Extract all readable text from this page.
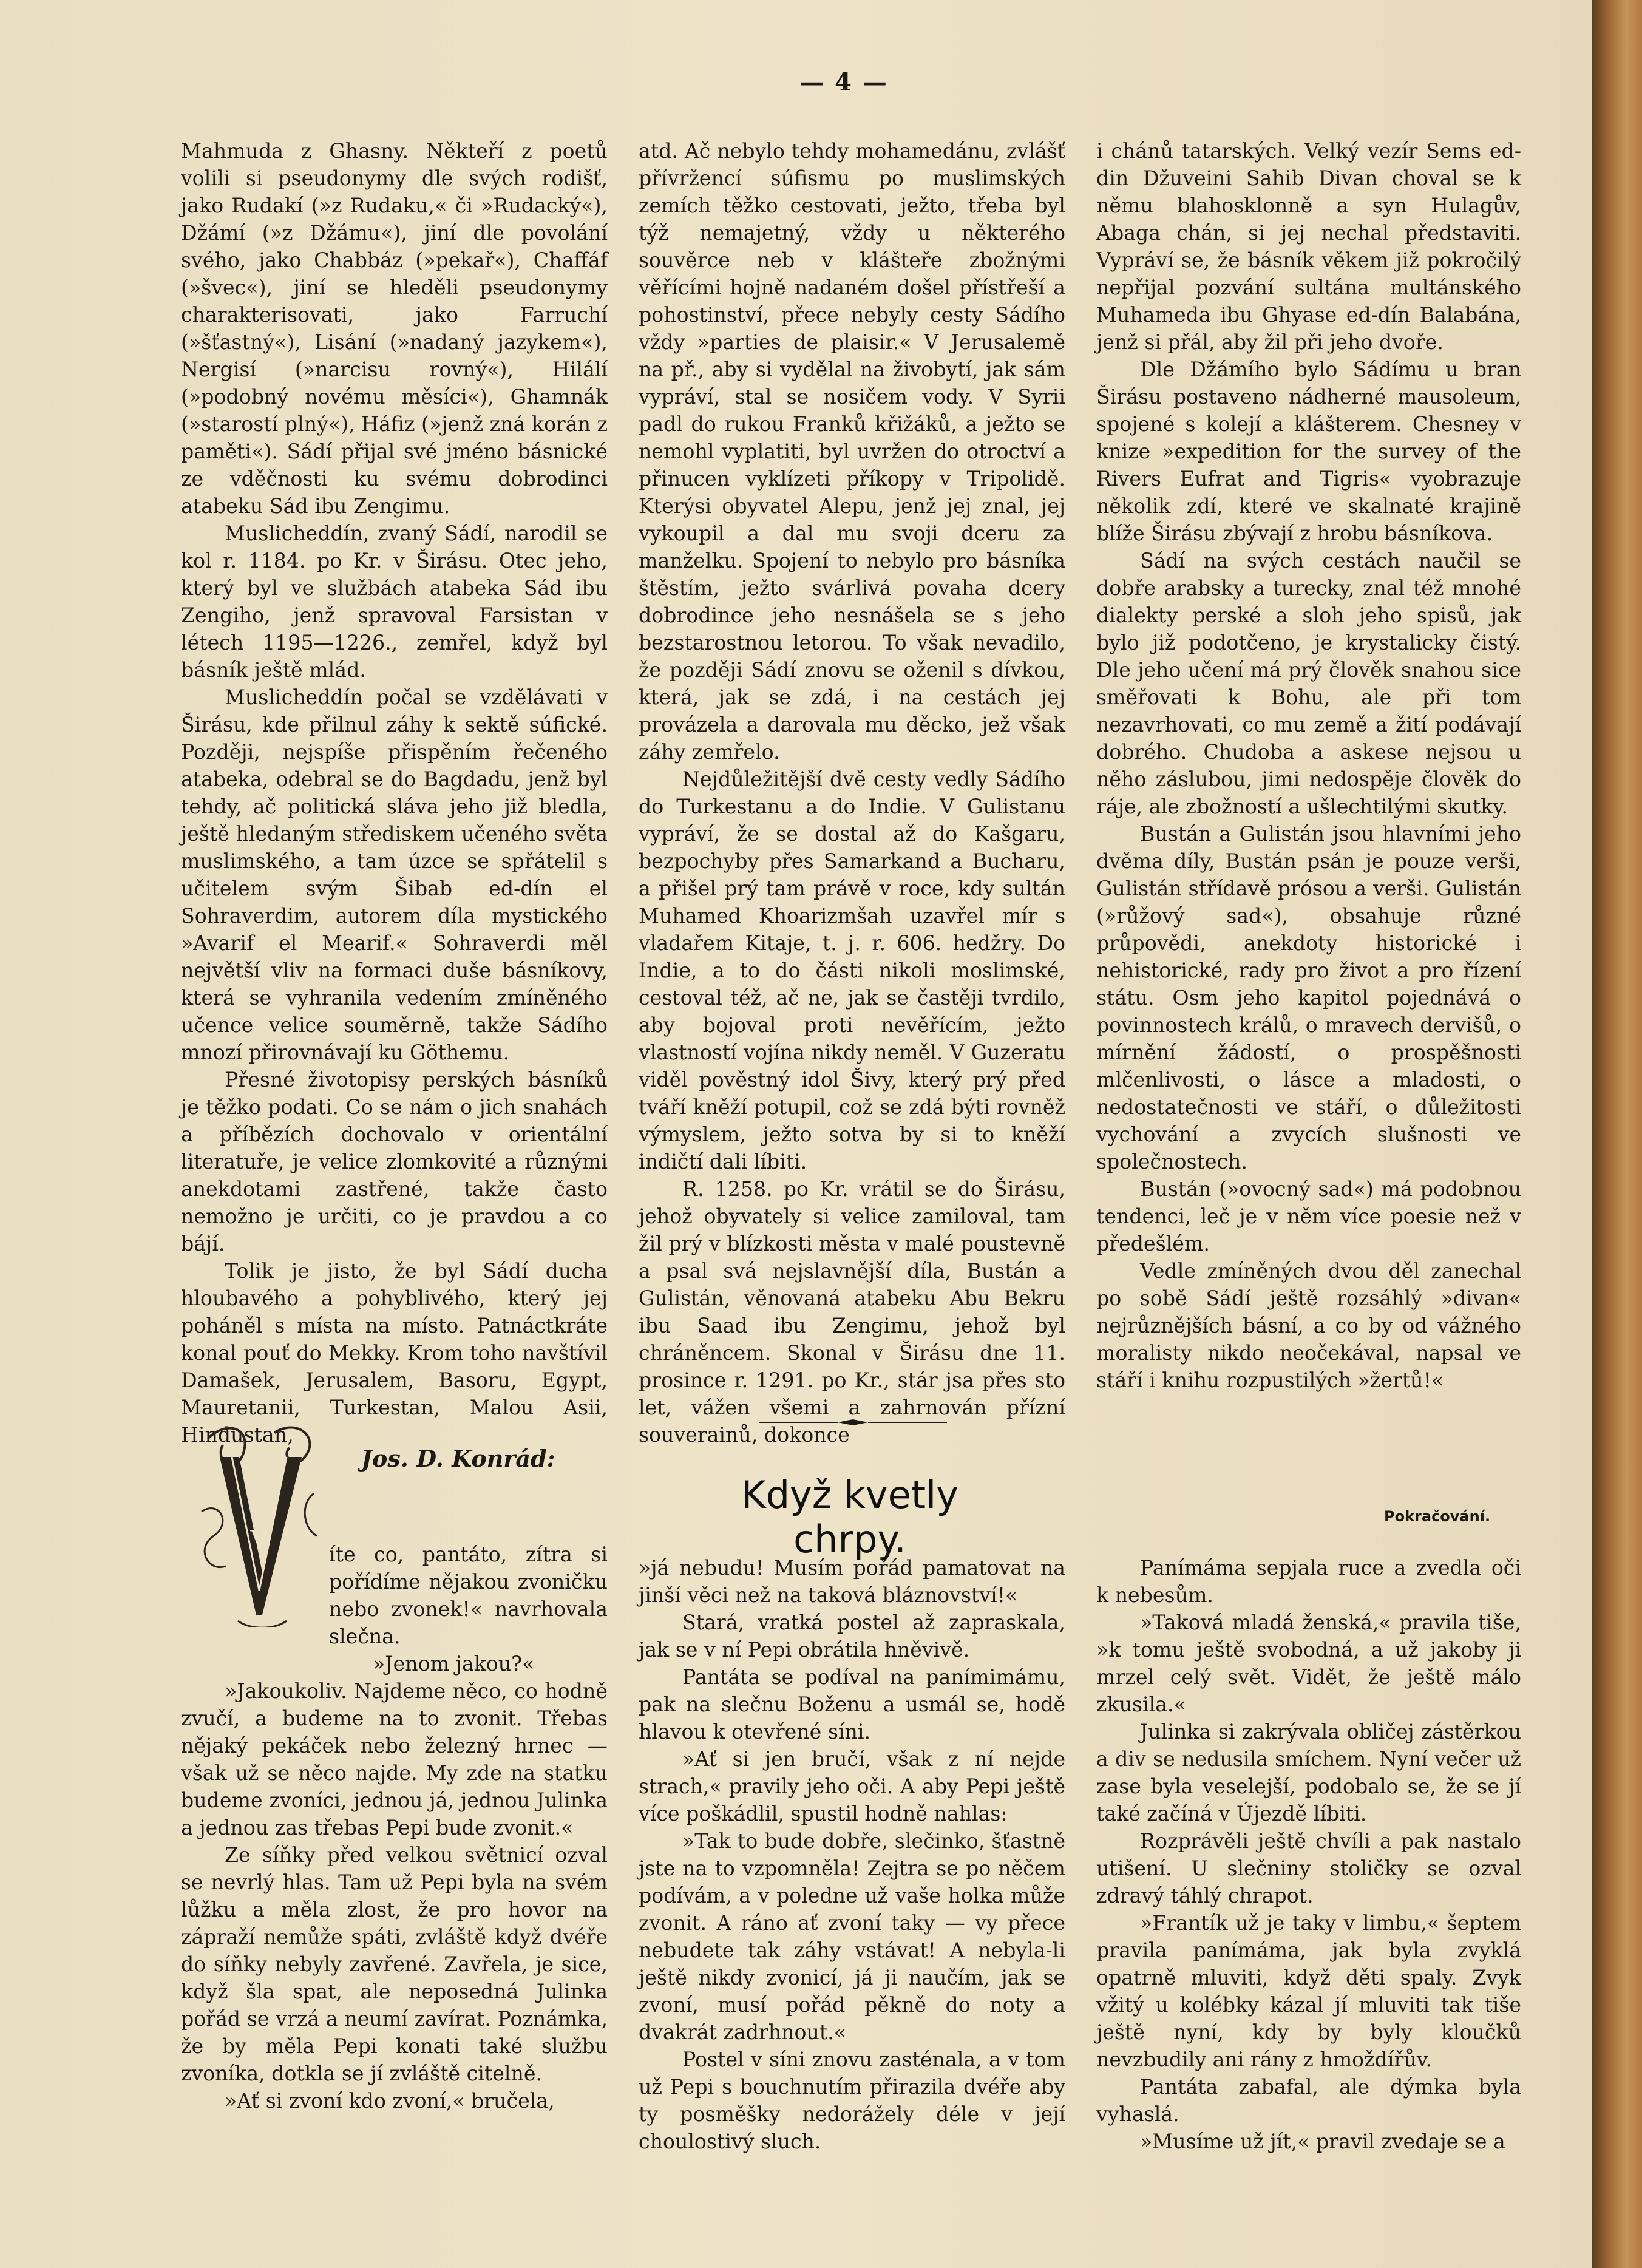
— 4 —

Mahmuda z Ghasny. Někteří z poetů volili si pseudonymy dle svých rodišť, jako Rudakí (»z Rudaku,« či »Rudacký«), Džámí (»z Džámu«), jiní dle povolání svého, jako Chabbáz (»pekař«), Chaffáf (»švec«), jiní se hleděli pseudonymy charakterisovati, jako Farruchí (»šťastný«), Lisání (»nadaný jazykem«), Nergisí (»narcisu rovný«), Hilálí (»podobný novému měsíci«), Ghamnák (»starostí plný«), Háfiz (»jenž zná korán z paměti«). Sádí přijal své jméno básnické ze vděčnosti ku svému dobrodinci atabeku Sád ibu Zengimu.

Muslicheddín, zvaný Sádí, narodil se kol r. 1184. po Kr. v Širásu. Otec jeho, který byl ve službách atabeka Sád ibu Zengiho, jenž spravoval Farsistan v létech 1195—1226., zemřel, když byl básník ještě mlád.

Muslicheddín počal se vzdělávati v Širásu, kde přilnul záhy k sektě súfické. Později, nejspíše přispěním řečeného atabeka, odebral se do Bagdadu, jenž byl tehdy, ač politická sláva jeho již bledla, ještě hledaným střediskem učeného světa muslimského, a tam úzce se spřátelil s učitelem svým Šibab ed-dín el Sohraverdim, autorem díla mystického »Avarif el Mearif.« Sohraverdi měl největší vliv na formaci duše básníkovy, která se vyhranila vedením zmíněného učence velice souměrně, takže Sádího mnozí přirovnávají ku Göthemu.

Přesné životopisy perských básníků je těžko podati. Co se nám o jich snahách a příbězích dochovalo v orientální literatuře, je velice zlomkovité a různými anekdotami zastřené, takže často nemožno je určiti, co je pravdou a co bájí.

Tolik je jisto, že byl Sádí ducha hloubavého a pohyblivého, který jej poháněl s místa na místo. Patnáctkráte konal pouť do Mekky. Krom toho navštívil Damašek, Jerusalem, Basoru, Egypt, Mauretanii, Turkestan, Malou Asii, Hindustan,

atd. Ač nebylo tehdy mohamedánu, zvlášť přívržencí súfismu po muslimských zemích těžko cestovati, ježto, třeba byl týž nemajetný, vždy u některého souvěrce neb v klášteře zbožnými věřícími hojně nadaném došel přístřeší a pohostinství, přece nebyly cesty Sádího vždy »parties de plaisir.« V Jerusalemě na př., aby si vydělal na živobytí, jak sám vypráví, stal se nosičem vody. V Syrii padl do rukou Franků křižáků, a ježto se nemohl vyplatiti, byl uvržen do otroctví a přinucen vykl​ízeti příkopy v Tripolidě. Kterýsi obyvatel Alepu, jenž jej znal, jej vykoupil a dal mu svoji dceru za manželku. Spojení to nebylo pro básníka štěstím, ježto svárlivá povaha dcery dobrodince jeho nesnášela se s jeho bezstarostnou letorou. To však nevadilo, že později Sádí znovu se oženil s dívkou, která, jak se zdá, i na cestách jej provázela a darovala mu děcko, jež však záhy zemřelo.

Nejdůležitější dvě cesty vedly Sádího do Turkestanu a do Indie. V Gulistanu vypráví, že se dostal až do Kašgaru, bezpochyby přes Samarkand a Bucharu, a přišel prý tam právě v roce, kdy sultán Muhamed Khoarizmšah uzavřel mír s vladařem Kitaje, t. j. r. 606. hedžry. Do Indie, a to do části nikoli moslimské, cestoval též, ač ne, jak se častěji tvrdilo, aby bojoval proti nevěřícím, ježto vlastností vojína nikdy neměl. V Guzeratu viděl pověstný idol Šivy, který prý před tváří kněží potupil, což se zdá býti rovněž výmyslem, ježto sotva by si to kněží indičtí dali líbiti.

R. 1258. po Kr. vrátil se do Širásu, jehož obyvately si velice zamiloval, tam žil prý v blízkosti města v malé poustevně a psal svá nejslavnější díla, Bustán a Gulistán, věnovaná atabeku Abu Bekru ibu Saad ibu Zengimu, jehož byl chráněncem. Skonal v Širásu dne 11. prosince r. 1291. po Kr., stár jsa přes sto let, vážen všemi a zahrnován přízní souverainů, dokonce

i chánů tatarských. Velký vezír Sems ed-din Džuveini Sahib Divan choval se k němu blahosklonně a syn Hulagův, Abaga chán, si jej nechal představiti. Vypráví se, že básník věkem již pokročilý nepřijal pozvání sultána multánského Muhameda ibu Ghyase ed-dín Balabána, jenž si přál, aby žil při jeho dvoře.

Dle Džámího bylo Sádímu u bran Širásu postaveno nádherné mausoleum, spojené s kolejí a klášterem. Chesney v knize »expedition for the survey of the Rivers Eufrat and Tigris« vyobrazuje několik zdí, které ve skalnaté krajině blíže Širásu zbývají z hrobu básníkova.

Sádí na svých cestách naučil se dobře arabsky a turecky, znal též mnohé dialekty perské a sloh jeho spisů, jak bylo již podotčeno, je krystalicky čistý. Dle jeho učení má prý člověk snahou sice směřovati k Bohu, ale při tom nezavrhovati, co mu země a žití podávají dobrého. Chudoba a askese nejsou u něho záslubou, jimi nedospěje člověk do ráje, ale zbožností a ušlechtilými skutky.

Bustán a Gulistán jsou hlavními jeho dvěma díly, Bustán psán je pouze verši, Gulistán střídavě prósou a verši. Gulistán (»růžový sad«), obsahuje různé průpovědi, anekdoty historické i nehistorické, rady pro život a pro řízení státu. Osm jeho kapitol pojednává o povinnostech králů, o mravech dervišů, o mírnění žádostí, o prospěšnosti mlčenlivosti, o lásce a mladosti, o nedostatečnosti ve stáří, o důležitosti vychování a zvycích slušnosti ve společnostech.

Bustán (»ovocný sad«) má podobnou tendenci, leč je v něm více poesie než v předešlém.

Vedle zmíněných dvou děl zanechal po sobě Sádí ještě rozsáhlý »divan« nejrůznějších básní, a co by od vážného moralisty nikdo neočekával, napsal ve stáří i knihu rozpustilých »žertů!«

V
Jos. D. Konrád:
Když kvetly chrpy.
Pokračování.

íte co, pantáto, zítra si pořídíme nějakou zvoničku nebo zvonek!« navrhovala slečna.

»Jenom jakou?«

»Jakoukoliv. Najdeme něco, co hodně zvučí, a budeme na to zvonit. Třebas nějaký pekáček nebo železný hrnec — však už se něco najde. My zde na statku budeme zvoníci, jednou já, jednou Julinka a jednou zas třebas Pepi bude zvonit.«

Ze síňky před velkou světnicí ozval se nevrlý hlas. Tam už Pepi byla na svém lůžku a měla zlost, že pro hovor na zápraží nemůže spáti, zvláště když dvéře do síňky nebyly zavřené. Zavřela, je sice, když šla spat, ale neposedná Julinka pořád se vrzá a neumí zavírat. Poznámka, že by měla Pepi konati také službu zvoníka, dotkla se jí zvláště citelně.

»Ať si zvoní kdo zvoní,« bručela,

»já nebudu! Musím pořád pamatovat na jinší věci než na taková bláznovství!«

Stará, vratká postel až zapraskala, jak se v ní Pepi obrátila hněvivě.

Pantáta se podíval na panímimámu, pak na slečnu Boženu a usmál se, hodě hlavou k otevřené síni.

»Ať si jen bručí, však z ní nejde strach,« pravily jeho oči. A aby Pepi ještě více poškádlil, spustil hodně nahlas:

»Tak to bude dobře, slečinko, šťastně jste na to vzpomněla! Zejtra se po něčem podívám, a v poledne už vaše holka může zvonit. A ráno ať zvoní taky — vy přece nebudete tak záhy vstávat! A nebyla-li ještě nikdy zvonicí, já ji naučím, jak se zvoní, musí pořád pěkně do noty a dvakrát zadrhnout.«

Postel v síni znovu zasténala, a v tom už Pepi s bouchnutím přirazila dvéře aby ty posměšky nedorážely déle v její choulostivý sluch.

Panímáma sepjala ruce a zvedla oči k nebesům.

»Taková mladá ženská,« pravila tiše, »k tomu ještě svobodná, a už jakoby ji mrzel celý svět. Vidět, že ještě málo zkusila.«

Julinka si zakrývala obličej zástěrkou a div se nedusila smíchem. Nyní večer už zase byla veselejší, podobalo se, že se jí také začíná v Újezdě líbiti.

Rozprávěli ještě chvíli a pak nastalo utišení. U slečniny stoličky se ozval zdravý táhlý chrapot.

»Frantík už je taky v limbu,« šeptem pravila panímáma, jak byla zvyklá opatrně mluviti, když děti spaly. Zvyk vžitý u kolébky kázal jí mluviti tak tiše ještě nyní, kdy by byly kloučků nevzbudily ani rány z hmoždířův.

Pantáta zabafal, ale dýmka byla vyhaslá.

»Musíme už jít,« pravil zvedaje se a
